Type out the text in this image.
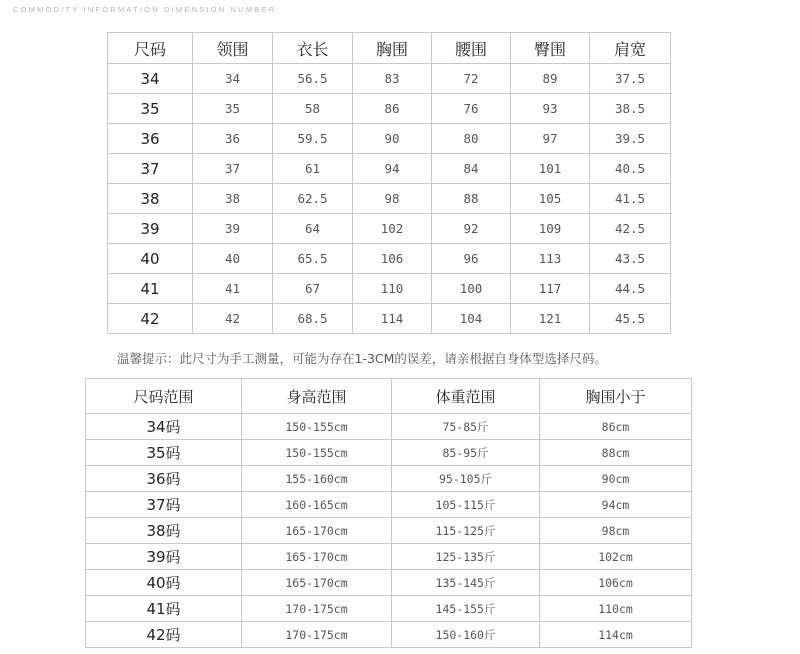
COMMODITY INFORMATION DIMENSION NUMBER
尺码	领围	衣长	胸围	腰围	臀围	肩宽
34	34	56.5	83	72	89	37.5
35	35	58	86	76	93	38.5
36	36	59.5	90	80	97	39.5
37	37	61	94	84	101	40.5
38	38	62.5	98	88	105	41.5
39	39	64	102	92	109	42.5
40	40	65.5	106	96	113	43.5
41	41	67	110	100	117	44.5
42	42	68.5	114	104	121	45.5
温馨提示：此尺寸为手工测量，可能为存在1-3CM的误差，请亲根据自身体型选择尺码。
尺码范围	身高范围	体重范围	胸围小于
34码	150-155cm	75-85斤	86cm
35码	150-155cm	85-95斤	88cm
36码	155-160cm	95-105斤	90cm
37码	160-165cm	105-115斤	94cm
38码	165-170cm	115-125斤	98cm
39码	165-170cm	125-135斤	102cm
40码	165-170cm	135-145斤	106cm
41码	170-175cm	145-155斤	110cm
42码	170-175cm	150-160斤	114cm
